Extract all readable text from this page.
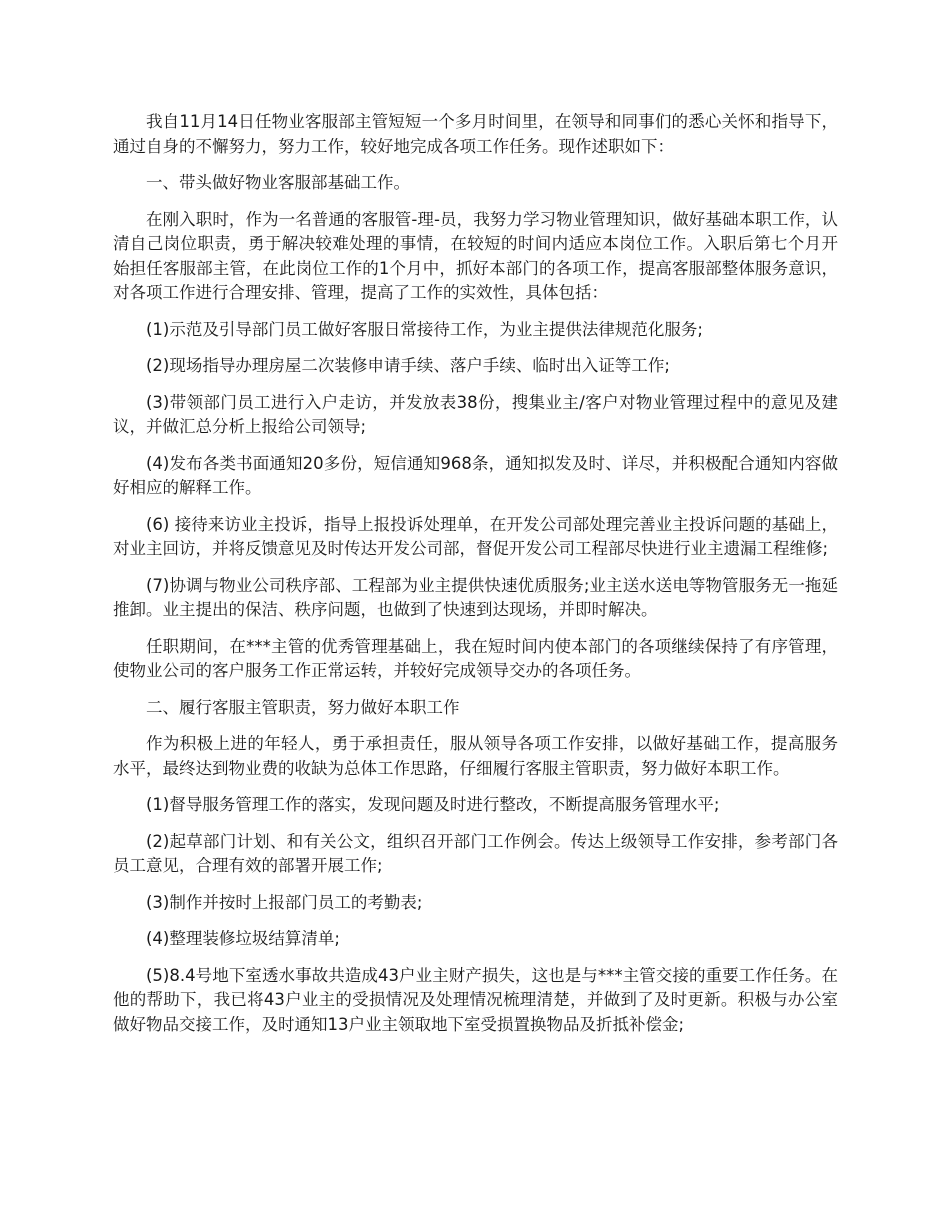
我自11月14日任物业客服部主管短短一个多月时间里，在领导和同事们的悉心关怀和指导下，通过自身的不懈努力，努力工作，较好地完成各项工作任务。现作述职如下：

一、带头做好物业客服部基础工作。

在刚入职时，作为一名普通的客服管-理-员，我努力学习物业管理知识，做好基础本职工作，认清自己岗位职责，勇于解决较难处理的事情，在较短的时间内适应本岗位工作。入职后第七个月开始担任客服部主管，在此岗位工作的1个月中，抓好本部门的各项工作，提高客服部整体服务意识，对各项工作进行合理安排、管理，提高了工作的实效性，具体包括：

(1)示范及引导部门员工做好客服日常接待工作，为业主提供法律规范化服务;

(2)现场指导办理房屋二次装修申请手续、落户手续、临时出入证等工作;

(3)带领部门员工进行入户走访，并发放表38份，搜集业主/客户对物业管理过程中的意见及建议，并做汇总分析上报给公司领导;

(4)发布各类书面通知20多份，短信通知968条，通知拟发及时、详尽，并积极配合通知内容做好相应的解释工作。

(6) 接待来访业主投诉，指导上报投诉处理单，在开发公司部处理完善业主投诉问题的基础上，对业主回访，并将反馈意见及时传达开发公司部，督促开发公司工程部尽快进行业主遗漏工程维修;

(7)协调与物业公司秩序部、工程部为业主提供快速优质服务;业主送水送电等物管服务无一拖延推卸。业主提出的保洁、秩序问题，也做到了快速到达现场，并即时解决。

任职期间，在***主管的优秀管理基础上，我在短时间内使本部门的各项继续保持了有序管理，使物业公司的客户服务工作正常运转，并较好完成领导交办的各项任务。

二、履行客服主管职责，努力做好本职工作

作为积极上进的年轻人，勇于承担责任，服从领导各项工作安排，以做好基础工作，提高服务水平，最终达到物业费的收缺为总体工作思路，仔细履行客服主管职责，努力做好本职工作。

(1)督导服务管理工作的落实，发现问题及时进行整改，不断提高服务管理水平;

(2)起草部门计划、和有关公文，组织召开部门工作例会。传达上级领导工作安排，参考部门各员工意见，合理有效的部署开展工作;

(3)制作并按时上报部门员工的考勤表;

(4)整理装修垃圾结算清单;

(5)8.4号地下室透水事故共造成43户业主财产损失，这也是与***主管交接的重要工作任务。在他的帮助下，我已将43户业主的受损情况及处理情况梳理清楚，并做到了及时更新。积极与办公室做好物品交接工作，及时通知13户业主领取地下室受损置换物品及折抵补偿金;
